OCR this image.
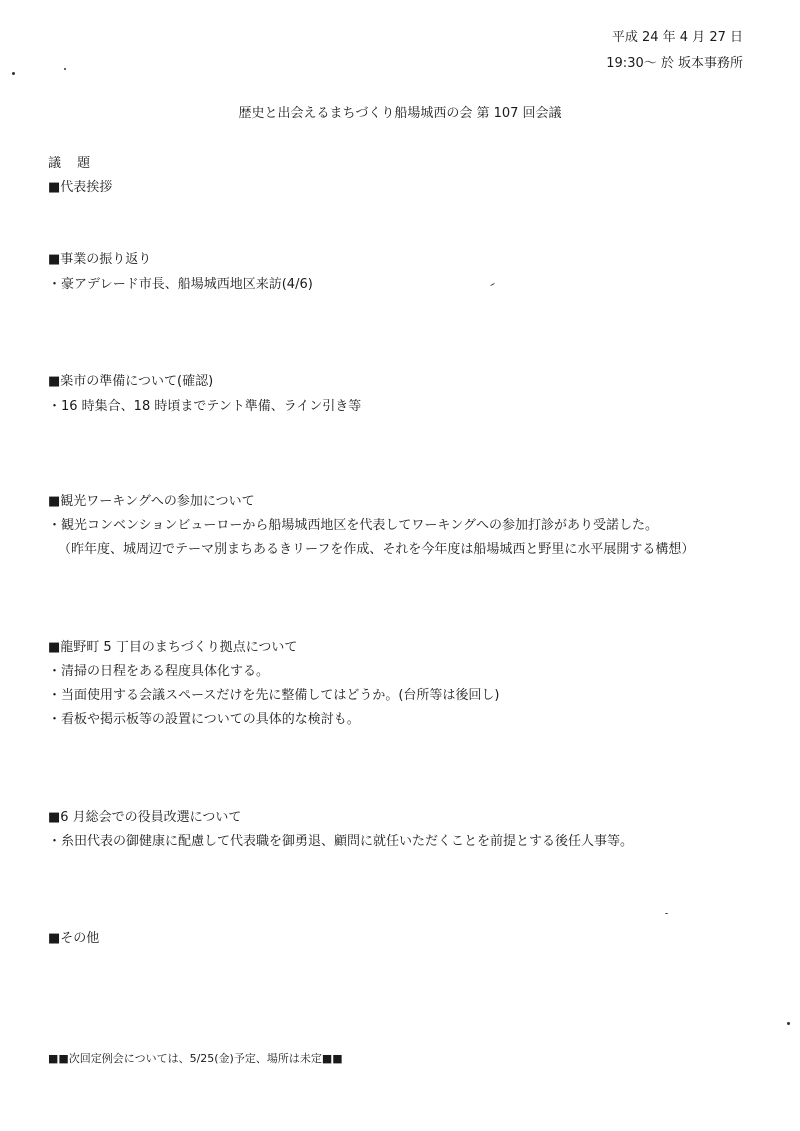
平成 24 年 4 月 27 日
19:30～ 於 坂本事務所
歴史と出会えるまちづくり船場城西の会 第 107 回会議
議 題
■代表挨拶
■事業の振り返り
・豪アデレード市長、船場城西地区来訪(4/6)
■楽市の準備について(確認)
・16 時集合、18 時頃までテント準備、ライン引き等
■観光ワーキングへの参加について
・観光コンベンションビューローから船場城西地区を代表してワーキングへの参加打診があり受諾した。
（昨年度、城周辺でテーマ別まちあるきリーフを作成、それを今年度は船場城西と野里に水平展開する構想）
■龍野町 5 丁目のまちづくり拠点について
・清掃の日程をある程度具体化する。
・当面使用する会議スペースだけを先に整備してはどうか。(台所等は後回し)
・看板や掲示板等の設置についての具体的な検討も。
■6 月総会での役員改選について
・糸田代表の御健康に配慮して代表職を御勇退、顧問に就任いただくことを前提とする後任人事等。
■その他
■■次回定例会については、5/25(金)予定、場所は未定■■
